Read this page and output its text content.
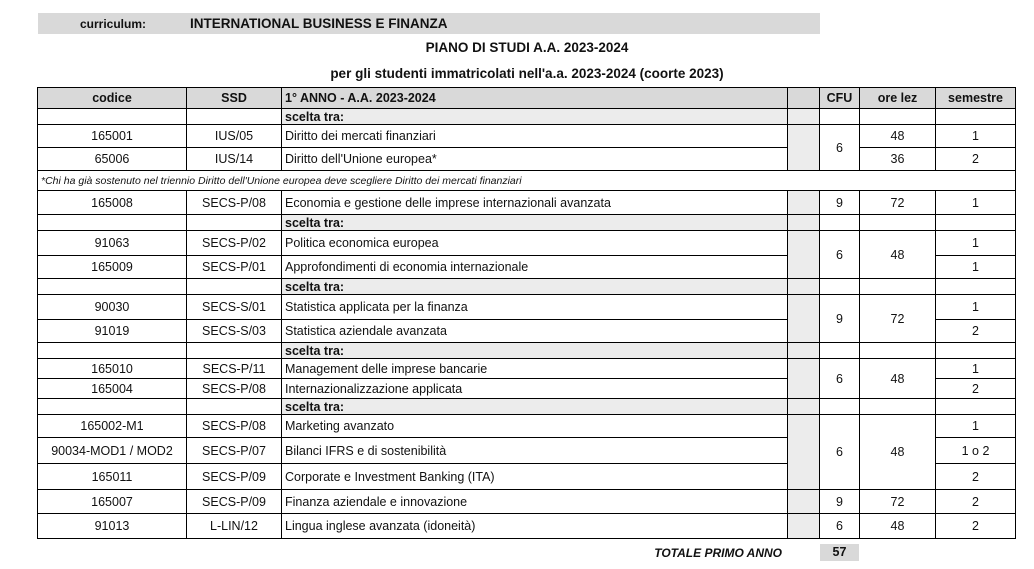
curriculum:	INTERNATIONAL BUSINESS E FINANZA
PIANO DI STUDI A.A. 2023-2024
per gli studenti immatricolati nell'a.a. 2023-2024 (coorte 2023)
codice	SSD	1° ANNO - A.A. 2023-2024		CFU	ore lez	semestre
		scelta tra:				
165001	IUS/05	Diritto dei mercati finanziari		6	48	1
65006	IUS/14	Diritto dell'Unione europea*			36	2
*Chi ha già sostenuto nel triennio Diritto dell'Unione europea deve scegliere Diritto dei mercati finanziari						
165008	SECS-P/08	Economia e gestione delle imprese internazionali avanzata		9	72	1
		scelta tra:				
91063	SECS-P/02	Politica economica europea		6	48	1
165009	SECS-P/01	Approfondimenti di economia internazionale				1
		scelta tra:				
90030	SECS-S/01	Statistica applicata per la finanza		9	72	1
91019	SECS-S/03	Statistica aziendale avanzata				2
		scelta tra:				
165010	SECS-P/11	Management delle imprese bancarie		6	48	1
165004	SECS-P/08	Internazionalizzazione applicata				2
		scelta tra:				
165002-M1	SECS-P/08	Marketing avanzato		6	48	1
90034-MOD1 / MOD2	SECS-P/07	Bilanci IFRS e di sostenibilità				1 o 2
165011	SECS-P/09	Corporate e Investment Banking (ITA)				2
165007	SECS-P/09	Finanza aziendale e innovazione		9	72	2
91013	L-LIN/12	Lingua inglese avanzata (idoneità)		6	48	2
TOTALE PRIMO ANNO	57
